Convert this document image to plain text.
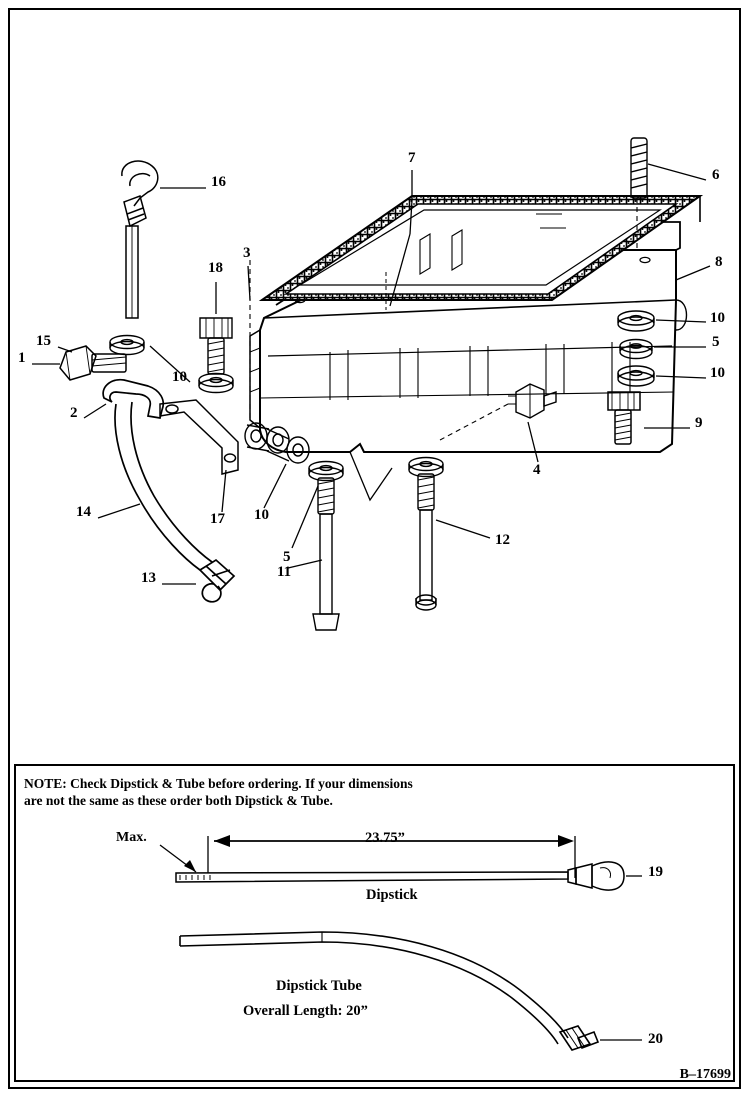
1
2
3
4
5
5
6
7
8
9
10
10
10
10
11
12
13
14
15
16
17
18
19
20
NOTE: Check Dipstick & Tube before ordering. If your dimensions
are not the same as these order both Dipstick & Tube.
Max.	23.75”
Dipstick
Dipstick Tube
Overall Length: 20”
B–17699
